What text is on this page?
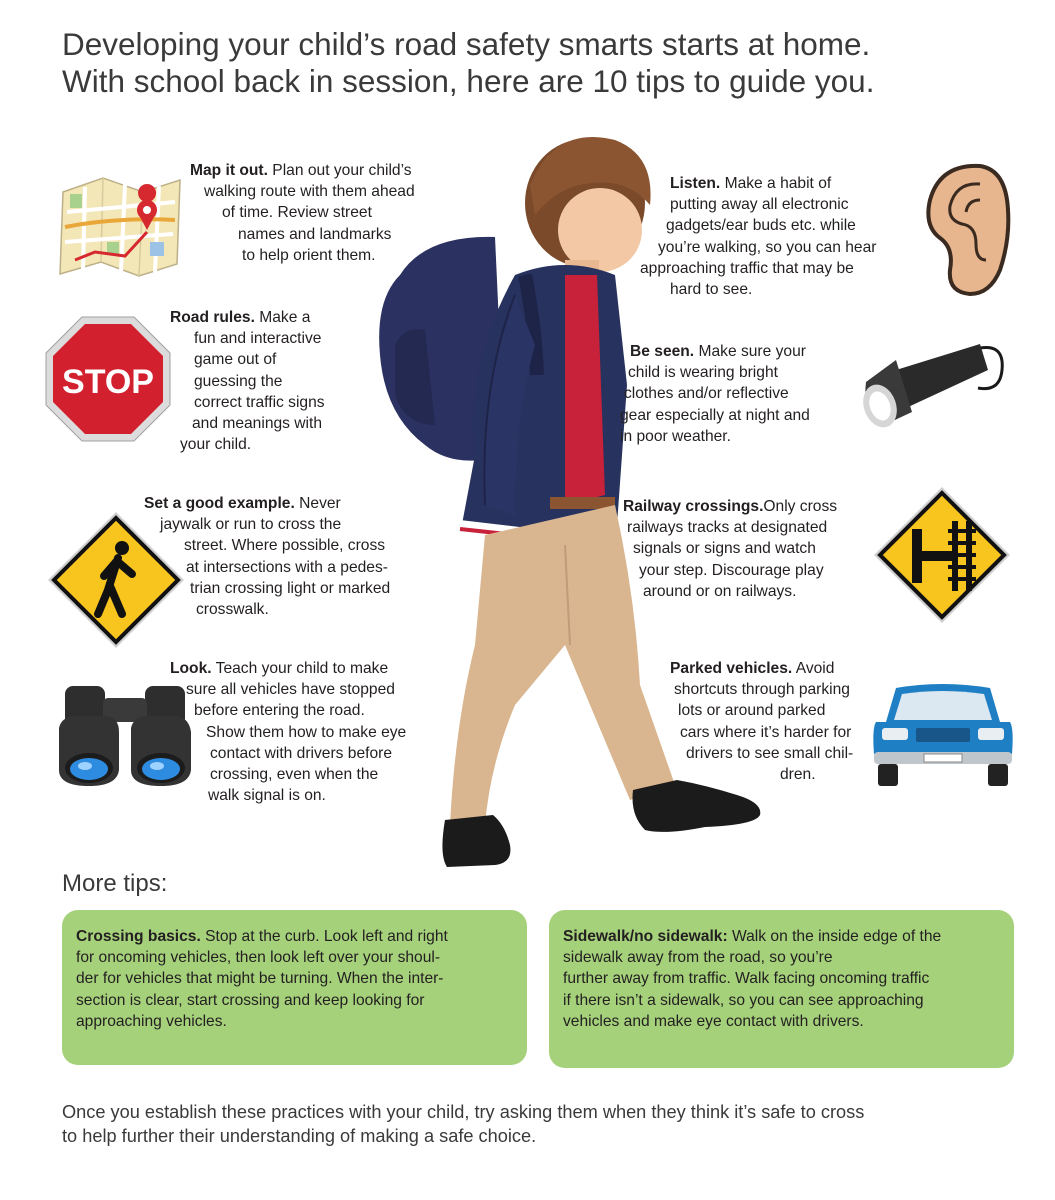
Developing your child’s road safety smarts starts at home.
With school back in session, here are 10 tips to guide you.
Map it out. Plan out your child’s
walking route with them ahead
of time. Review street
names and landmarks
to help orient them.
STOP
Road rules. Make a
fun and interactive
game out of
guessing the
correct traffic signs
and meanings with
your child.
Set a good example. Never
jaywalk or run to cross the
street. Where possible, cross
at intersections with a pedes-
trian crossing light or marked
crosswalk.
Look. Teach your child to make
sure all vehicles have stopped
before entering the road.
Show them how to make eye
contact with drivers before
crossing, even when the
walk signal is on.
Listen. Make a habit of
putting away all electronic
gadgets/ear buds etc. while
you’re walking, so you can hear
approaching traffic that may be
hard to see.
Be seen. Make sure your
child is wearing bright
clothes and/or reflective
gear especially at night and
in poor weather.
Railway crossings.Only cross
railways tracks at designated
signals or signs and watch
your step. Discourage play
around or on railways.
Parked vehicles. Avoid
shortcuts through parking
lots or around parked
cars where it’s harder for
drivers to see small chil-
dren.
More tips:
Crossing basics. Stop at the curb. Look left and right
for oncoming vehicles, then look left over your shoul-
der for vehicles that might be turning. When the inter-
section is clear, start crossing and keep looking for
approaching vehicles.
Sidewalk/no sidewalk: Walk on the inside edge of the
sidewalk away from the road, so you’re
further away from traffic. Walk facing oncoming traffic
if there isn’t a sidewalk, so you can see approaching
vehicles and make eye contact with drivers.
Once you establish these practices with your child, try asking them when they think it’s safe to cross
to help further their understanding of making a safe choice.
